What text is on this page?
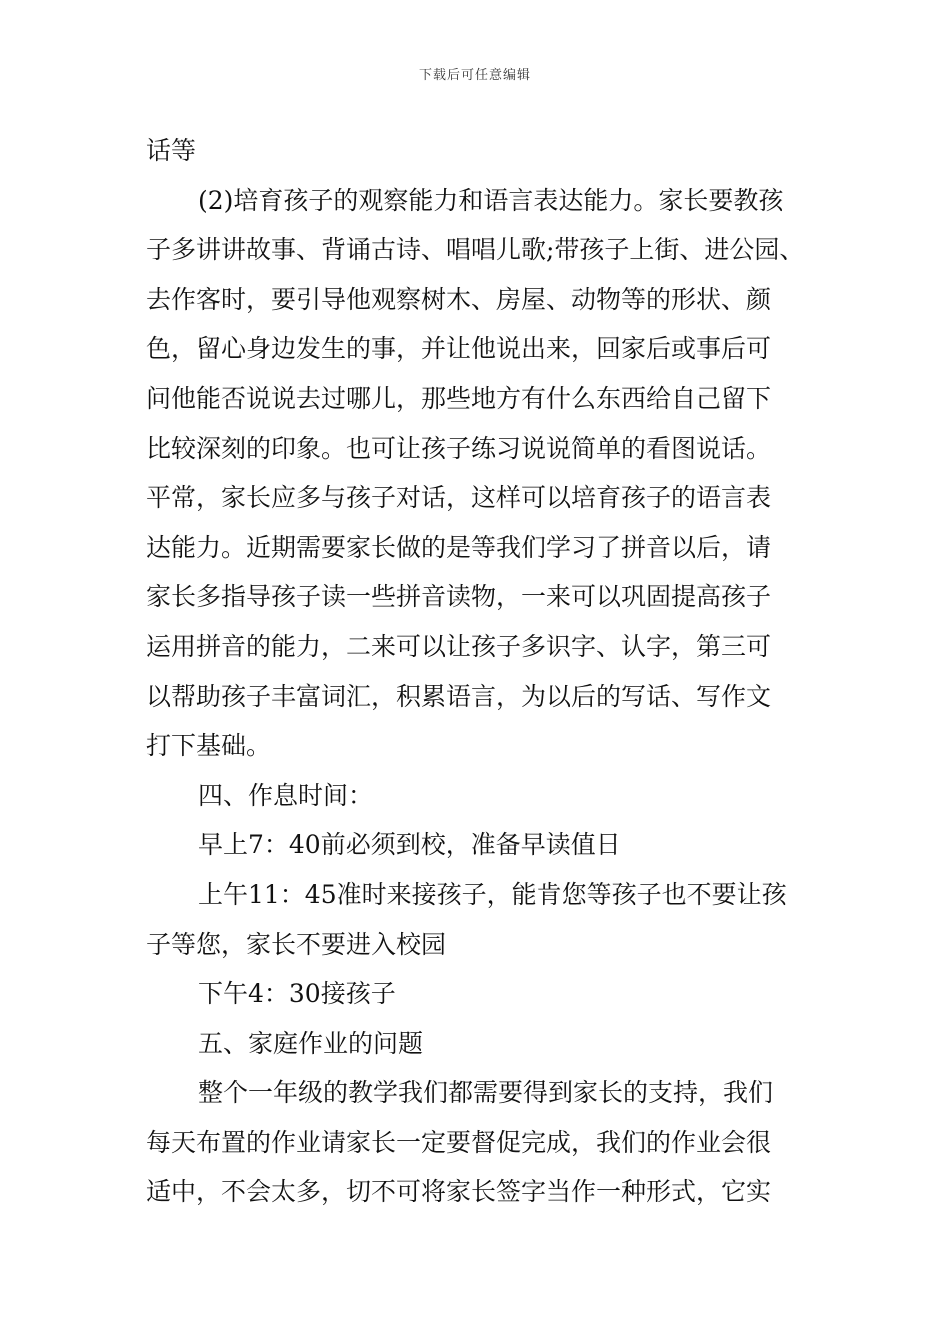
下载后可任意编辑
话等
(2)培育孩子的观察能力和语言表达能力。家长要教孩
子多讲讲故事、背诵古诗、唱唱儿歌;带孩子上街、进公园、
去作客时，要引导他观察树木、房屋、动物等的形状、颜
色，留心身边发生的事，并让他说出来，回家后或事后可
问他能否说说去过哪儿，那些地方有什么东西给自己留下
比较深刻的印象。也可让孩子练习说说简单的看图说话。
平常，家长应多与孩子对话，这样可以培育孩子的语言表
达能力。近期需要家长做的是等我们学习了拼音以后，请
家长多指导孩子读一些拼音读物，一来可以巩固提高孩子
运用拼音的能力，二来可以让孩子多识字、认字，第三可
以帮助孩子丰富词汇，积累语言，为以后的写话、写作文
打下基础。
四、作息时间：
早上7：40前必须到校，准备早读值日
上午11：45准时来接孩子，能肯您等孩子也不要让孩
子等您，家长不要进入校园
下午4：30接孩子
五、家庭作业的问题
整个一年级的教学我们都需要得到家长的支持，我们
每天布置的作业请家长一定要督促完成，我们的作业会很
适中，不会太多，切不可将家长签字当作一种形式，它实
